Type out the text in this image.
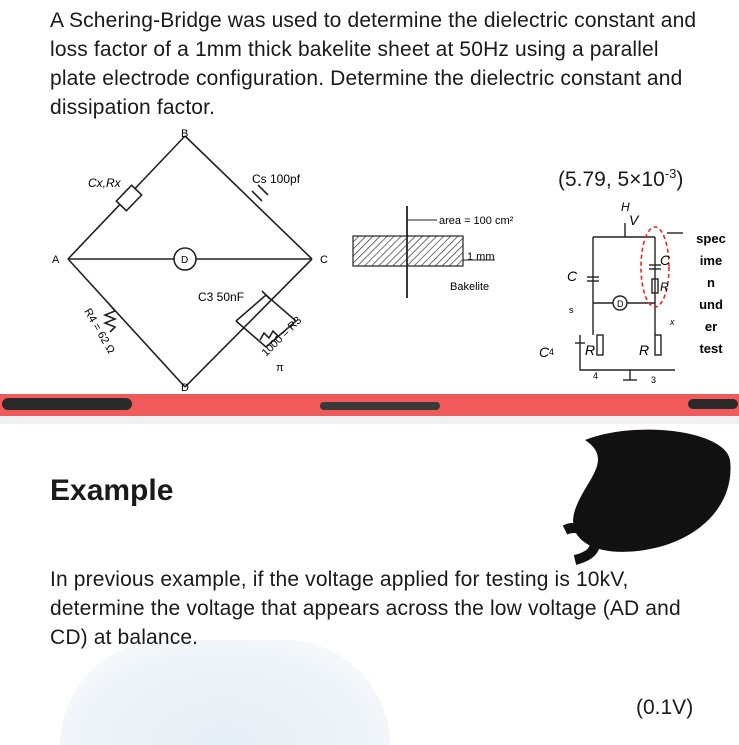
A Schering-Bridge was used to determine the dielectric constant and loss factor of a 1mm thick bakelite sheet at 50Hz using a parallel plate electrode configuration. Determine the dielectric constant and dissipation factor.
(5.79, $5\times 10^{-3}$)
B
A	C
D
D
Cx,Rx	Cs 100pf
C3 50nF
R4 = 62 Ω	1000 = R3
π
area = 100 cm²
1 mm
Bakelite
H
V
C
s
C 4 R
4
R
3
C
R
x
D
spec
ime
n
und
er
test
Example
In previous example, if the voltage applied for testing is 10kV, determine the voltage that appears across the low voltage (AD and CD) at balance.
(0.1V)
